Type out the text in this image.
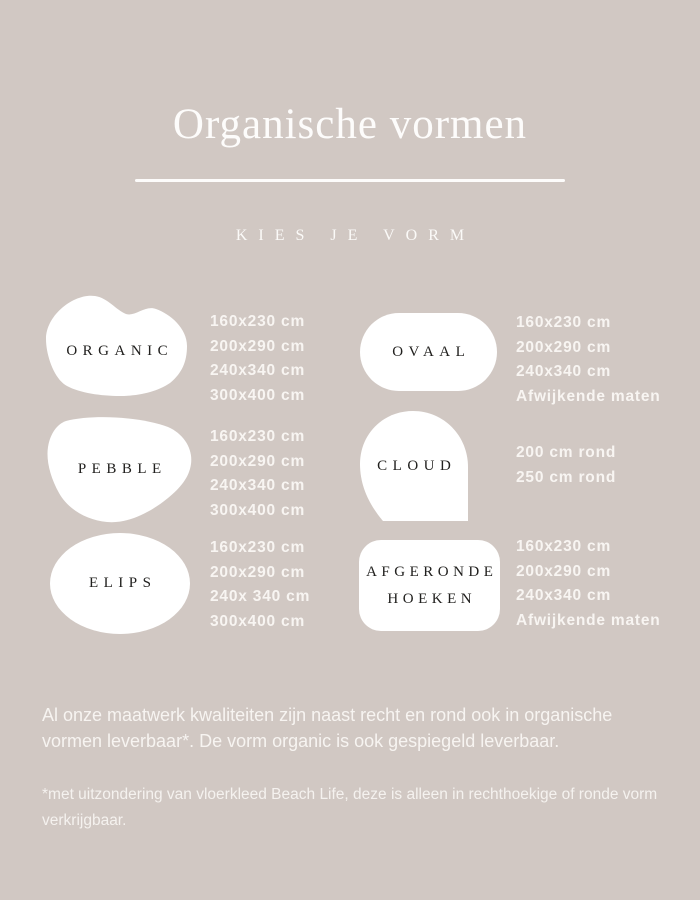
Organische vormen
KIES JE VORM
ORGANIC
160x230 cm
200x290 cm
240x340 cm
300x400 cm
PEBBLE
160x230 cm
200x290 cm
240x340 cm
300x400 cm
ELIPS
160x230 cm
200x290 cm
240x 340 cm
300x400 cm
OVAAL
160x230 cm
200x290 cm
240x340 cm
Afwijkende maten
CLOUD
200 cm rond
250 cm rond
AFGERONDE
HOEKEN
160x230 cm
200x290 cm
240x340 cm
Afwijkende maten

Al onze maatwerk kwaliteiten zijn naast recht en rond ook in organische vormen leverbaar*. De vorm organic is ook gespiegeld leverbaar.

*met uitzondering van vloerkleed Beach Life, deze is alleen in rechthoekige of ronde vorm verkrijgbaar.
